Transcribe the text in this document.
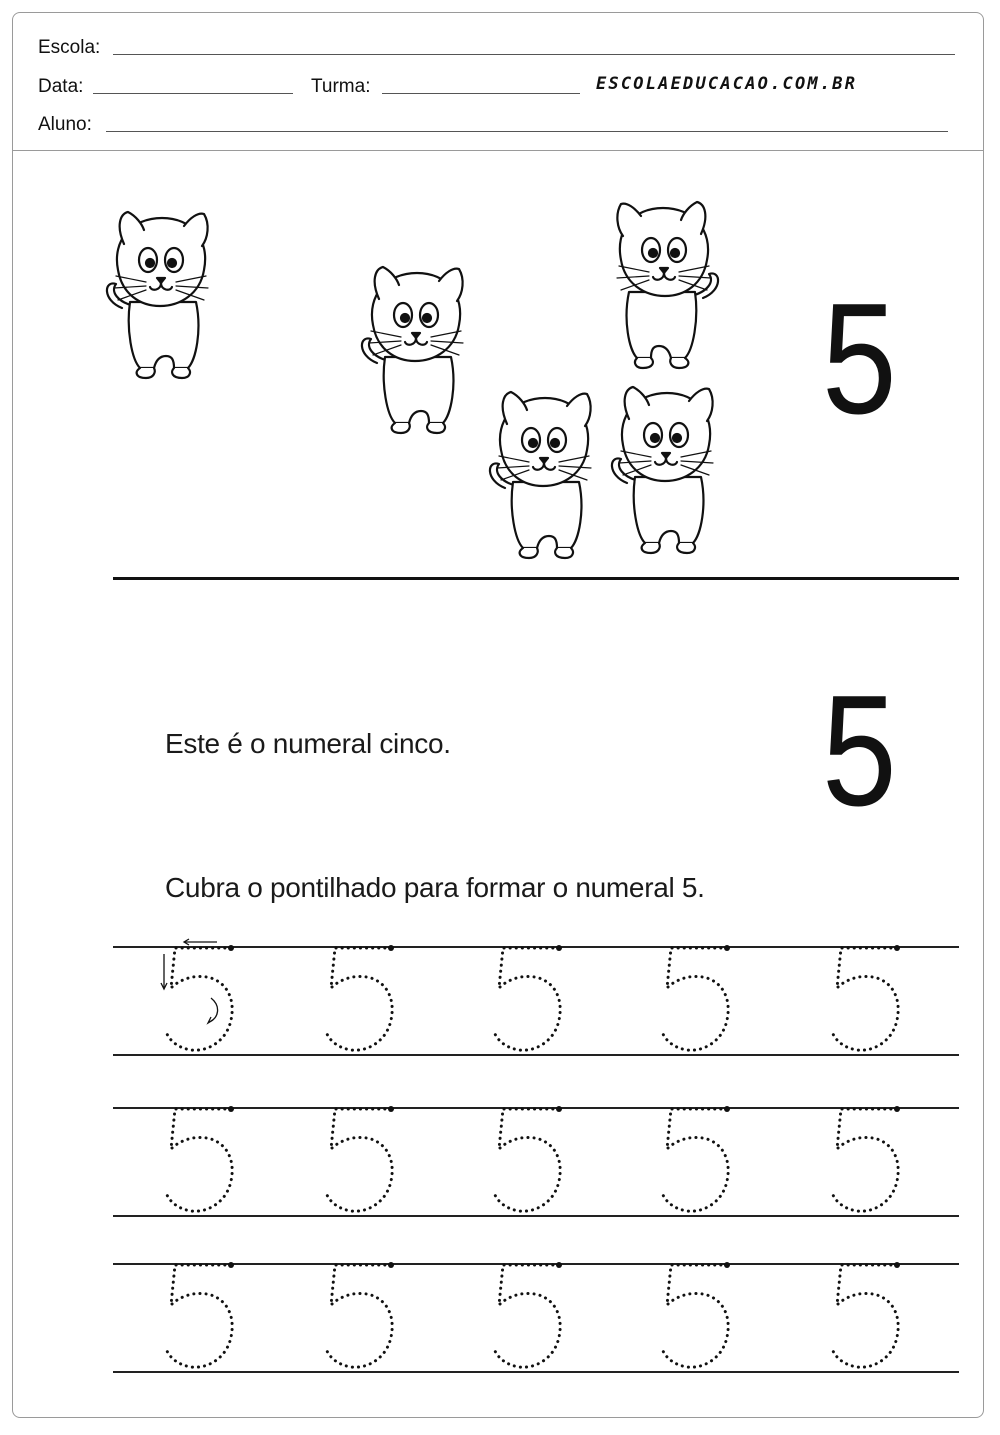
Escola:
Data:	Turma:	ESCOLAEDUCACAO.COM.BR
Aluno:
5
Este é o numeral cinco. 5
Cubra o pontilhado para formar o numeral 5.
